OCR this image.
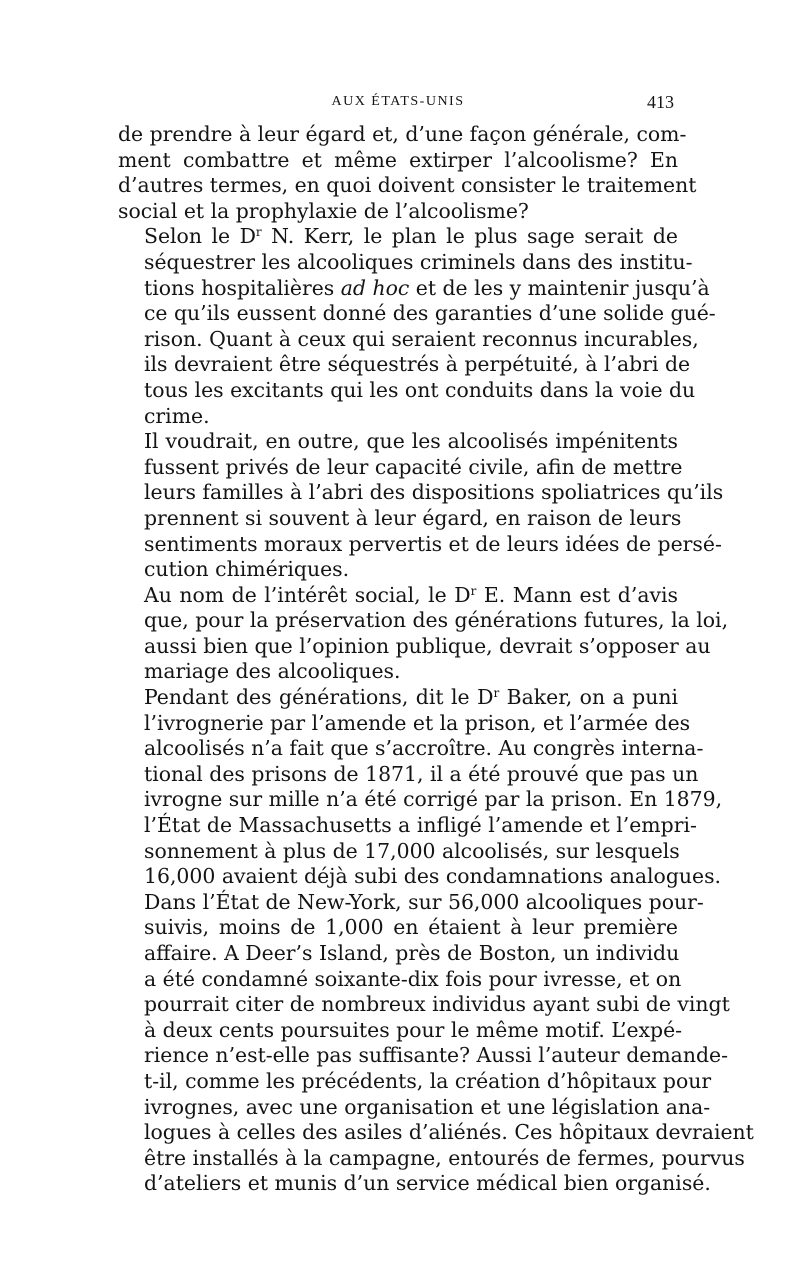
AUX ÉTATS-UNIS	413

de prendre à leur égard et, d’une façon générale, com-
ment combattre et même extirper l’alcoolisme? En
d’autres termes, en quoi doivent consister le traitement
social et la prophylaxie de l’alcoolisme?

Selon le $D^r$ N. Kerr, le plan le plus sage serait de
séquestrer les alcooliques criminels dans des institu-
tions hospitalières ad hoc et de les y maintenir jusqu’à
ce qu’ils eussent donné des garanties d’une solide gué-
rison. Quant à ceux qui seraient reconnus incurables,
ils devraient être séquestrés à perpétuité, à l’abri de
tous les excitants qui les ont conduits dans la voie du
crime.

Il voudrait, en outre, que les alcoolisés impénitents
fussent privés de leur capacité civile, afin de mettre
leurs familles à l’abri des dispositions spoliatrices qu’ils
prennent si souvent à leur égard, en raison de leurs
sentiments moraux pervertis et de leurs idées de persé-
cution chimériques.

Au nom de l’intérêt social, le $D^r$ E. Mann est d’avis
que, pour la préservation des générations futures, la loi,
aussi bien que l’opinion publique, devrait s’opposer au
mariage des alcooliques.

Pendant des générations, dit le $D^r$ Baker, on a puni
l’ivrognerie par l’amende et la prison, et l’armée des
alcoolisés n’a fait que s’accroître. Au congrès interna-
tional des prisons de 1871, il a été prouvé que pas un
ivrogne sur mille n’a été corrigé par la prison. En 1879,
l’État de Massachusetts a infligé l’amende et l’empri-
sonnement à plus de 17,000 alcoolisés, sur lesquels
16,000 avaient déjà subi des condamnations analogues.
Dans l’État de New-York, sur 56,000 alcooliques pour-
suivis, moins de 1,000 en étaient à leur première
affaire. A Deer’s Island, près de Boston, un individu
a été condamné soixante-dix fois pour ivresse, et on
pourrait citer de nombreux individus ayant subi de vingt
à deux cents poursuites pour le même motif. L’expé-
rience n’est-elle pas suffisante? Aussi l’auteur demande-
t-il, comme les précédents, la création d’hôpitaux pour
ivrognes, avec une organisation et une législation ana-
logues à celles des asiles d’aliénés. Ces hôpitaux devraient
être installés à la campagne, entourés de fermes, pourvus
d’ateliers et munis d’un service médical bien organisé.
